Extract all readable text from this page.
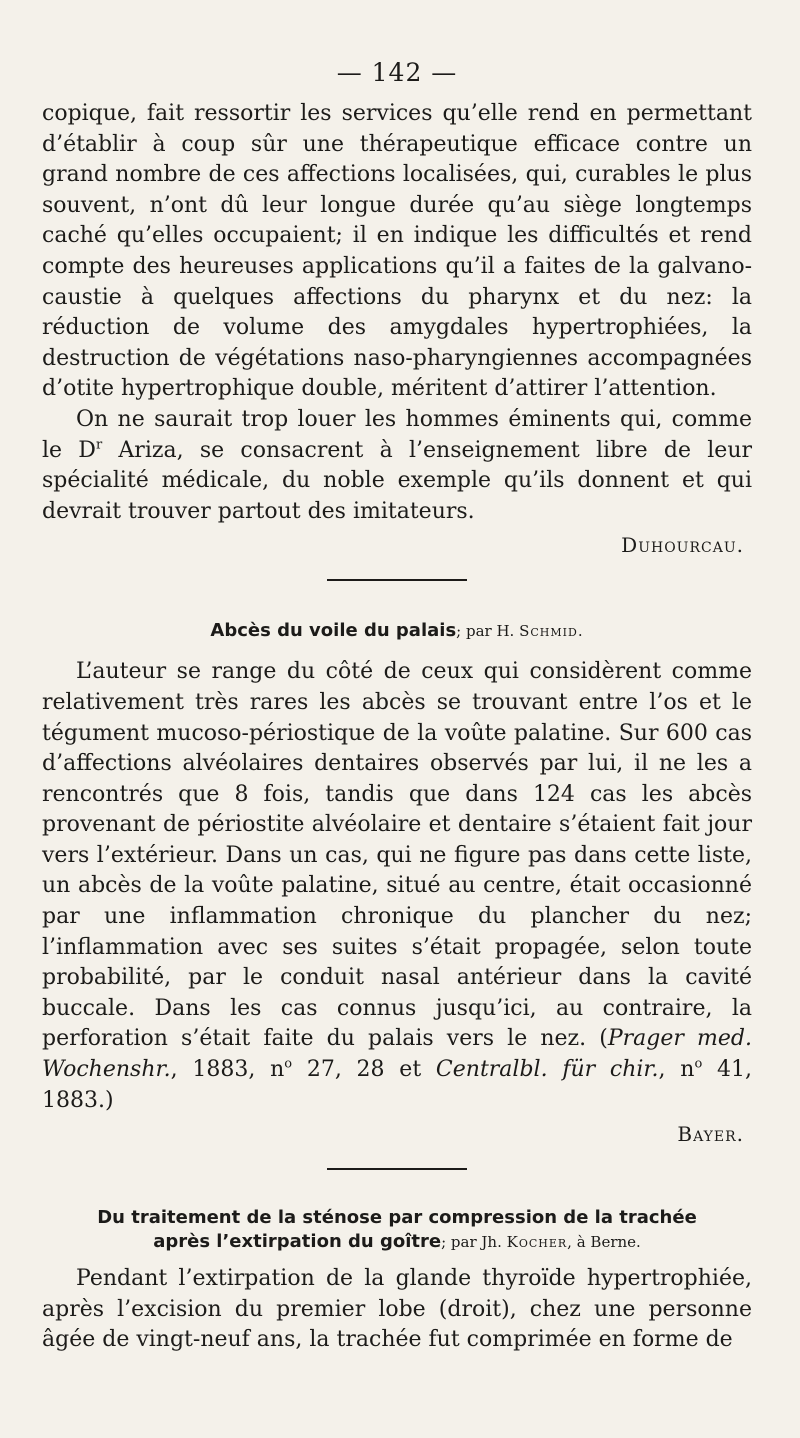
— 142 —

copique, fait ressortir les services qu’elle rend en permettant d’établir à coup sûr une thérapeutique efficace contre un grand nombre de ces affections localisées, qui, curables le plus souvent, n’ont dû leur longue durée qu’au siège longtemps caché qu’elles occupaient; il en indique les difficultés et rend compte des heureuses applications qu’il a faites de la galvano-caustie à quelques affections du pharynx et du nez: la réduction de volume des amygdales hypertrophiées, la destruction de végétations naso-pharyngiennes accompagnées d’otite hypertrophique double, méritent d’attirer l’attention.

On ne saurait trop louer les hommes éminents qui, comme le $D^r$ Ariza, se consacrent à l’enseignement libre de leur spécialité médicale, du noble exemple qu’ils donnent et qui devrait trouver partout des imitateurs.

Duhourcau.
Abcès du voile du palais; par H. Schmid.

L’auteur se range du côté de ceux qui considèrent comme relativement très rares les abcès se trouvant entre l’os et le tégument mucoso-périostique de la voûte palatine. Sur 600 cas d’affections alvéolaires dentaires observés par lui, il ne les a rencontrés que 8 fois, tandis que dans 124 cas les abcès provenant de périostite alvéolaire et dentaire s’étaient fait jour vers l’extérieur. Dans un cas, qui ne figure pas dans cette liste, un abcès de la voûte palatine, situé au centre, était occasionné par une inflammation chronique du plancher du nez; l’inflammation avec ses suites s’était propagée, selon toute probabilité, par le conduit nasal antérieur dans la cavité buccale. Dans les cas connus jusqu’ici, au contraire, la perforation s’était faite du palais vers le nez. (Prager med. Wochenshr., 1883, $n^o$ 27, 28 et Centralbl. für chir., $n^o$ 41, 1883.)

Bayer.
Du traitement de la sténose par compression de la trachée
après l’extirpation du goître; par Jh. Kocher, à Berne.

Pendant l’extirpation de la glande thyroïde hypertrophiée, après l’excision du premier lobe (droit), chez une personne âgée de vingt-neuf ans, la trachée fut comprimée en forme de
